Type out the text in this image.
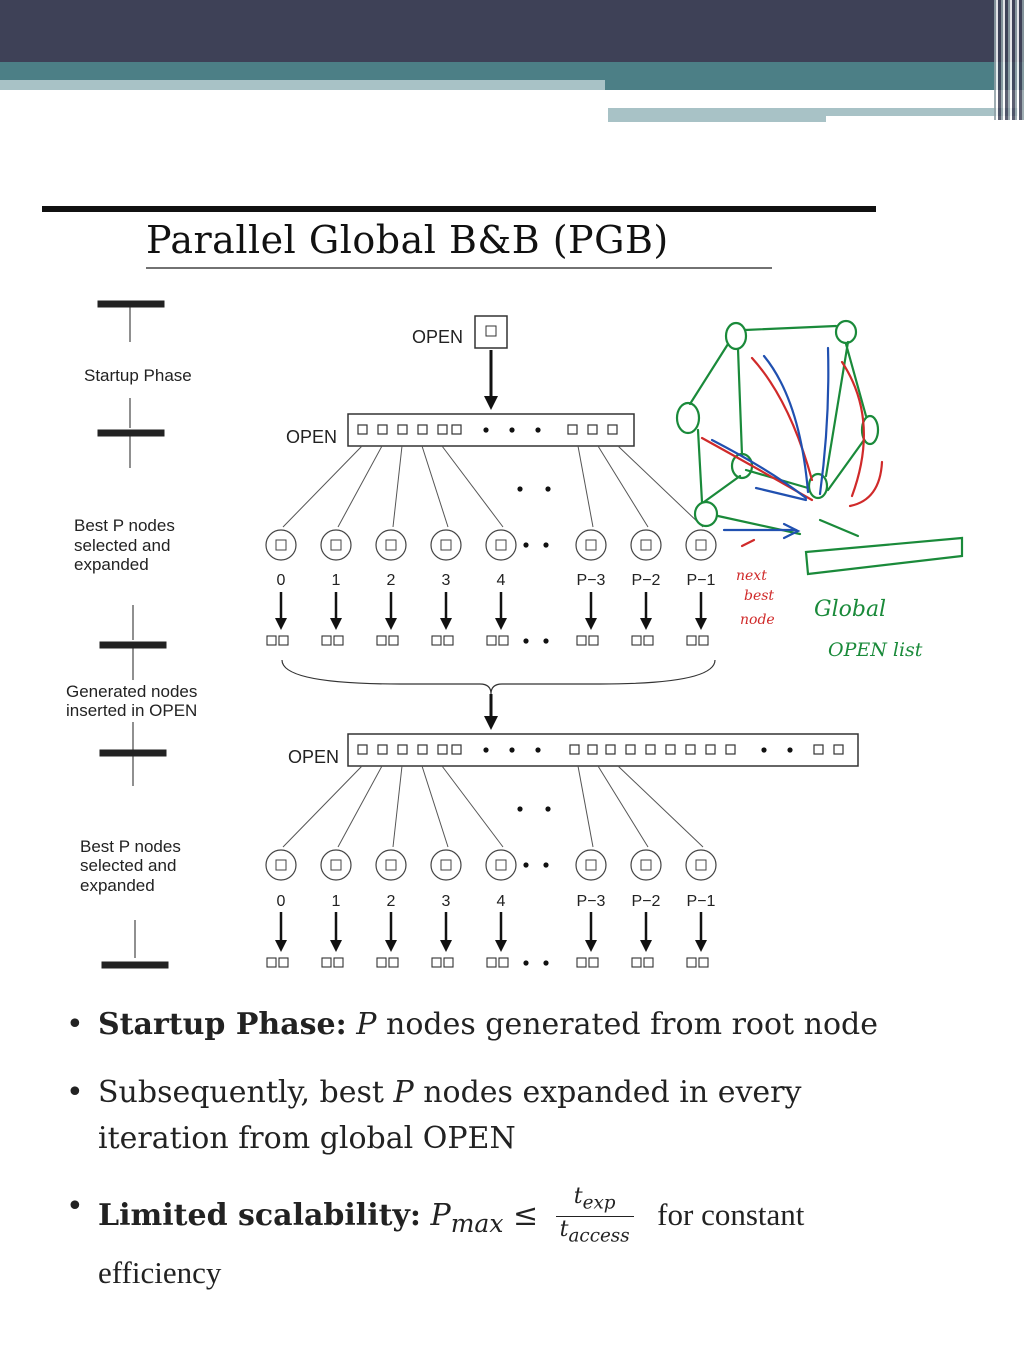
Startup Phase
Best P nodes
selected and
expanded
Generated nodes
inserted in OPEN
Best P nodes
selected and
expanded
OPEN
OPEN
OPEN
0	1	2	3	4	P−3 P−2 P−1
0	1	2	3	4	P−3 P−2 P−1
next
best
node Global
OPEN list
Parallel Global B&B (PGB)
• Startup Phase: P nodes generated from root node
• Subsequently, best P nodes expanded in every iteration from global OPEN
• Limited scalability: $P_{max} \le \frac{t_{exp}}{t_{access}}$ for constant efficiency
